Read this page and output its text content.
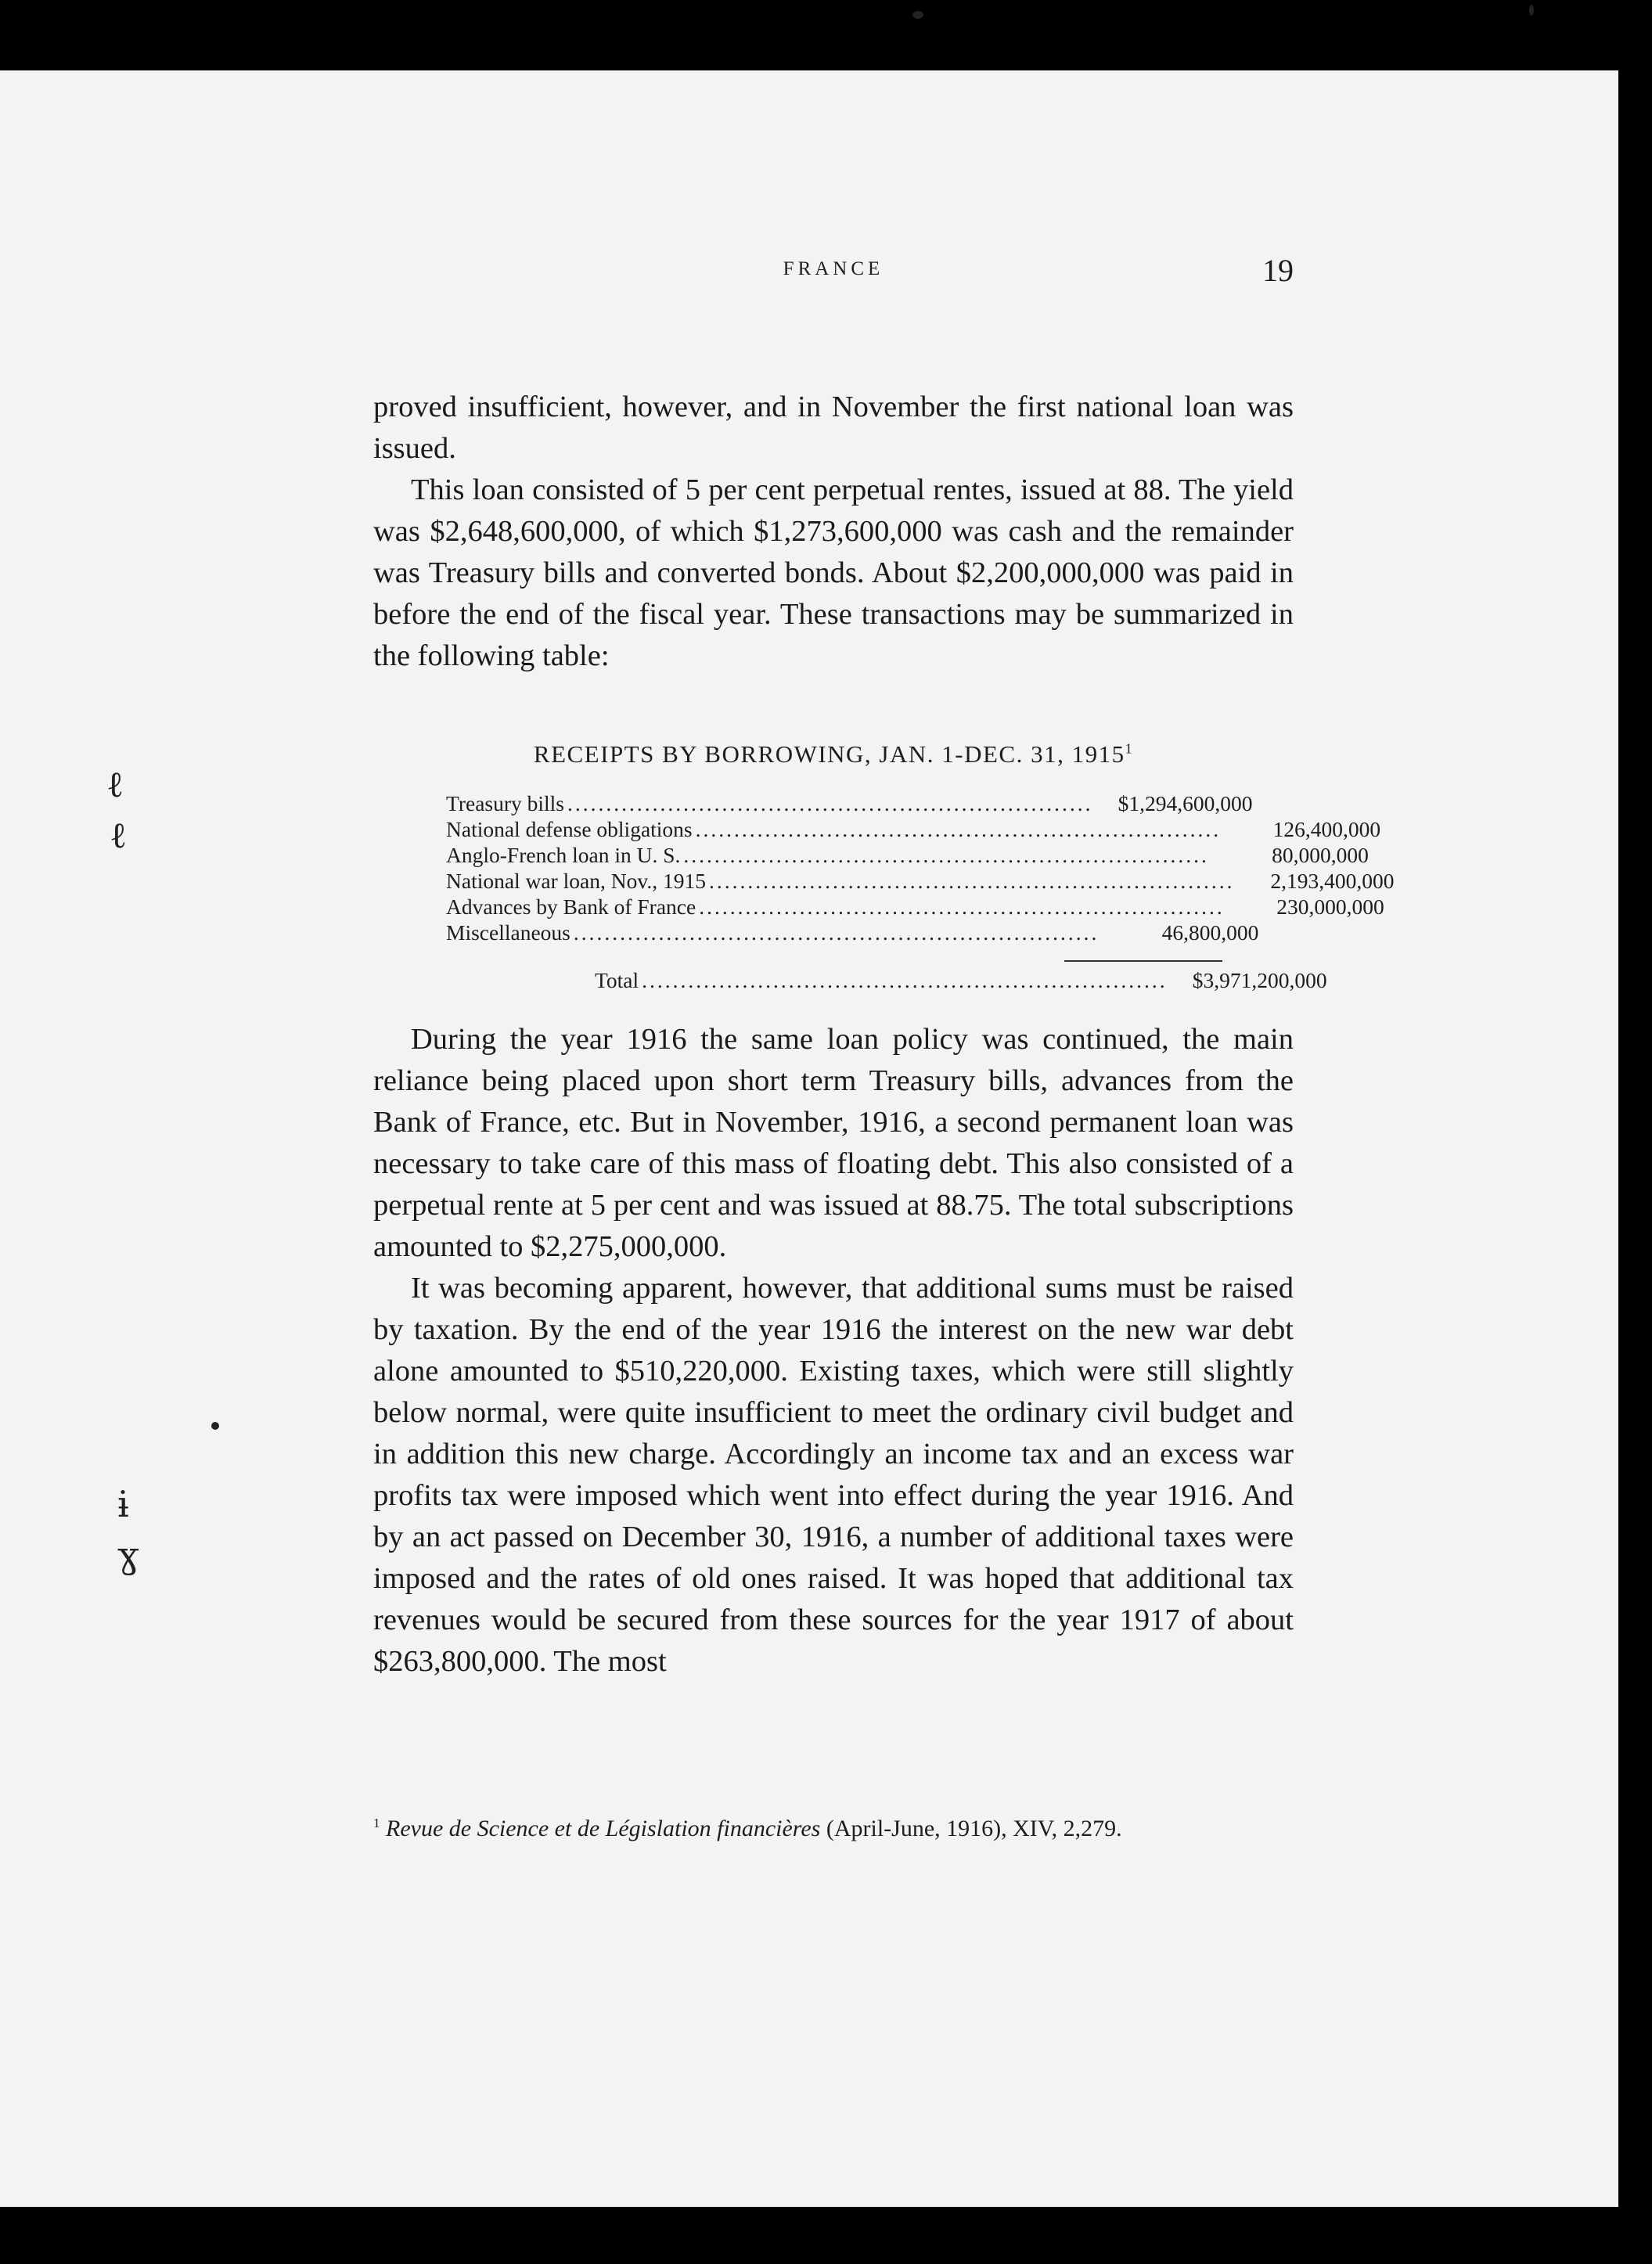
ℓ
ℓ
ɨ
ɣ
FRANCE	19

proved insufficient, however, and in November the first national loan was issued.

This loan consisted of 5 per cent perpetual rentes, issued at 88. The yield was $2,648,600,000, of which $1,273,600,000 was cash and the remainder was Treasury bills and converted bonds. About $2,200,000,000 was paid in before the end of the fiscal year. These transactions may be summarized in the following table:

RECEIPTS BY BORROWING, JAN. 1-DEC. 31, 1915$^1$
Treasury bills ....................................................................	$1,294,600,000
National defense obligations ....................................................................	126,400,000
Anglo-French loan in U. S. ....................................................................	80,000,000
National war loan, Nov., 1915 ....................................................................	2,193,400,000
Advances by Bank of France ....................................................................	230,000,000
Miscellaneous ....................................................................	46,800,000
Total ....................................................................	$3,971,200,000

During the year 1916 the same loan policy was continued, the main reliance being placed upon short term Treasury bills, advances from the Bank of France, etc. But in November, 1916, a second permanent loan was necessary to take care of this mass of floating debt. This also consisted of a perpetual rente at 5 per cent and was issued at 88.75. The total subscriptions amounted to $2,275,000,000.

It was becoming apparent, however, that additional sums must be raised by taxation. By the end of the year 1916 the interest on the new war debt alone amounted to $510,220,000. Existing taxes, which were still slightly below normal, were quite insufficient to meet the ordinary civil budget and in addition this new charge. Accordingly an income tax and an excess war profits tax were imposed which went into effect during the year 1916. And by an act passed on December 30, 1916, a number of additional taxes were imposed and the rates of old ones raised. It was hoped that additional tax revenues would be secured from these sources for the year 1917 of about $263,800,000. The most

$^1$ Revue de Science et de Législation financières (April-June, 1916), XIV, 2,279.
